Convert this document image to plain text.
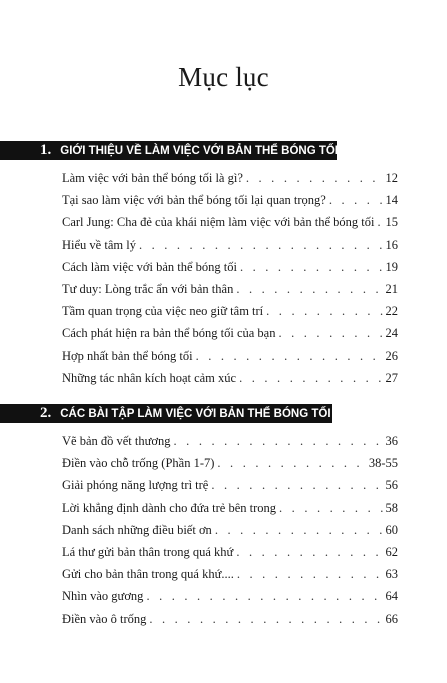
Mục lục
1. GIỚI THIỆU VỀ LÀM VIỆC VỚI BẢN THỂ BÓNG TỐI
Làm việc với bản thể bóng tối là gì? . . .	12
Tại sao làm việc với bản thể bóng tối lại quan trọng? . . .	14
Carl Jung: Cha đẻ của khái niệm làm việc với bản thể bóng tối . . . 15
Hiểu về tâm lý . . .	16
Cách làm việc với bản thể bóng tối . . .	19
Tư duy: Lòng trắc ẩn với bản thân . . .	21
Tầm quan trọng của việc neo giữ tâm trí . . .	22
Cách phát hiện ra bản thể bóng tối của bạn . . .	24
Hợp nhất bản thể bóng tối . . .	26
Những tác nhân kích hoạt cảm xúc . . .	27
2. CÁC BÀI TẬP LÀM VIỆC VỚI BẢN THỂ BÓNG TỐI
Vẽ bản đồ vết thương . . .	36
Điền vào chỗ trống (Phần 1-7) . . .	38-55
Giải phóng năng lượng trì trệ . . .	56
Lời khẳng định dành cho đứa trẻ bên trong . . .	58
Danh sách những điều biết ơn . . .	60
Lá thư gửi bản thân trong quá khứ . . .	62
Gửi cho bản thân trong quá khứ.... . . .	63
Nhìn vào gương . . .	64
Điền vào ô trống . . .	66
